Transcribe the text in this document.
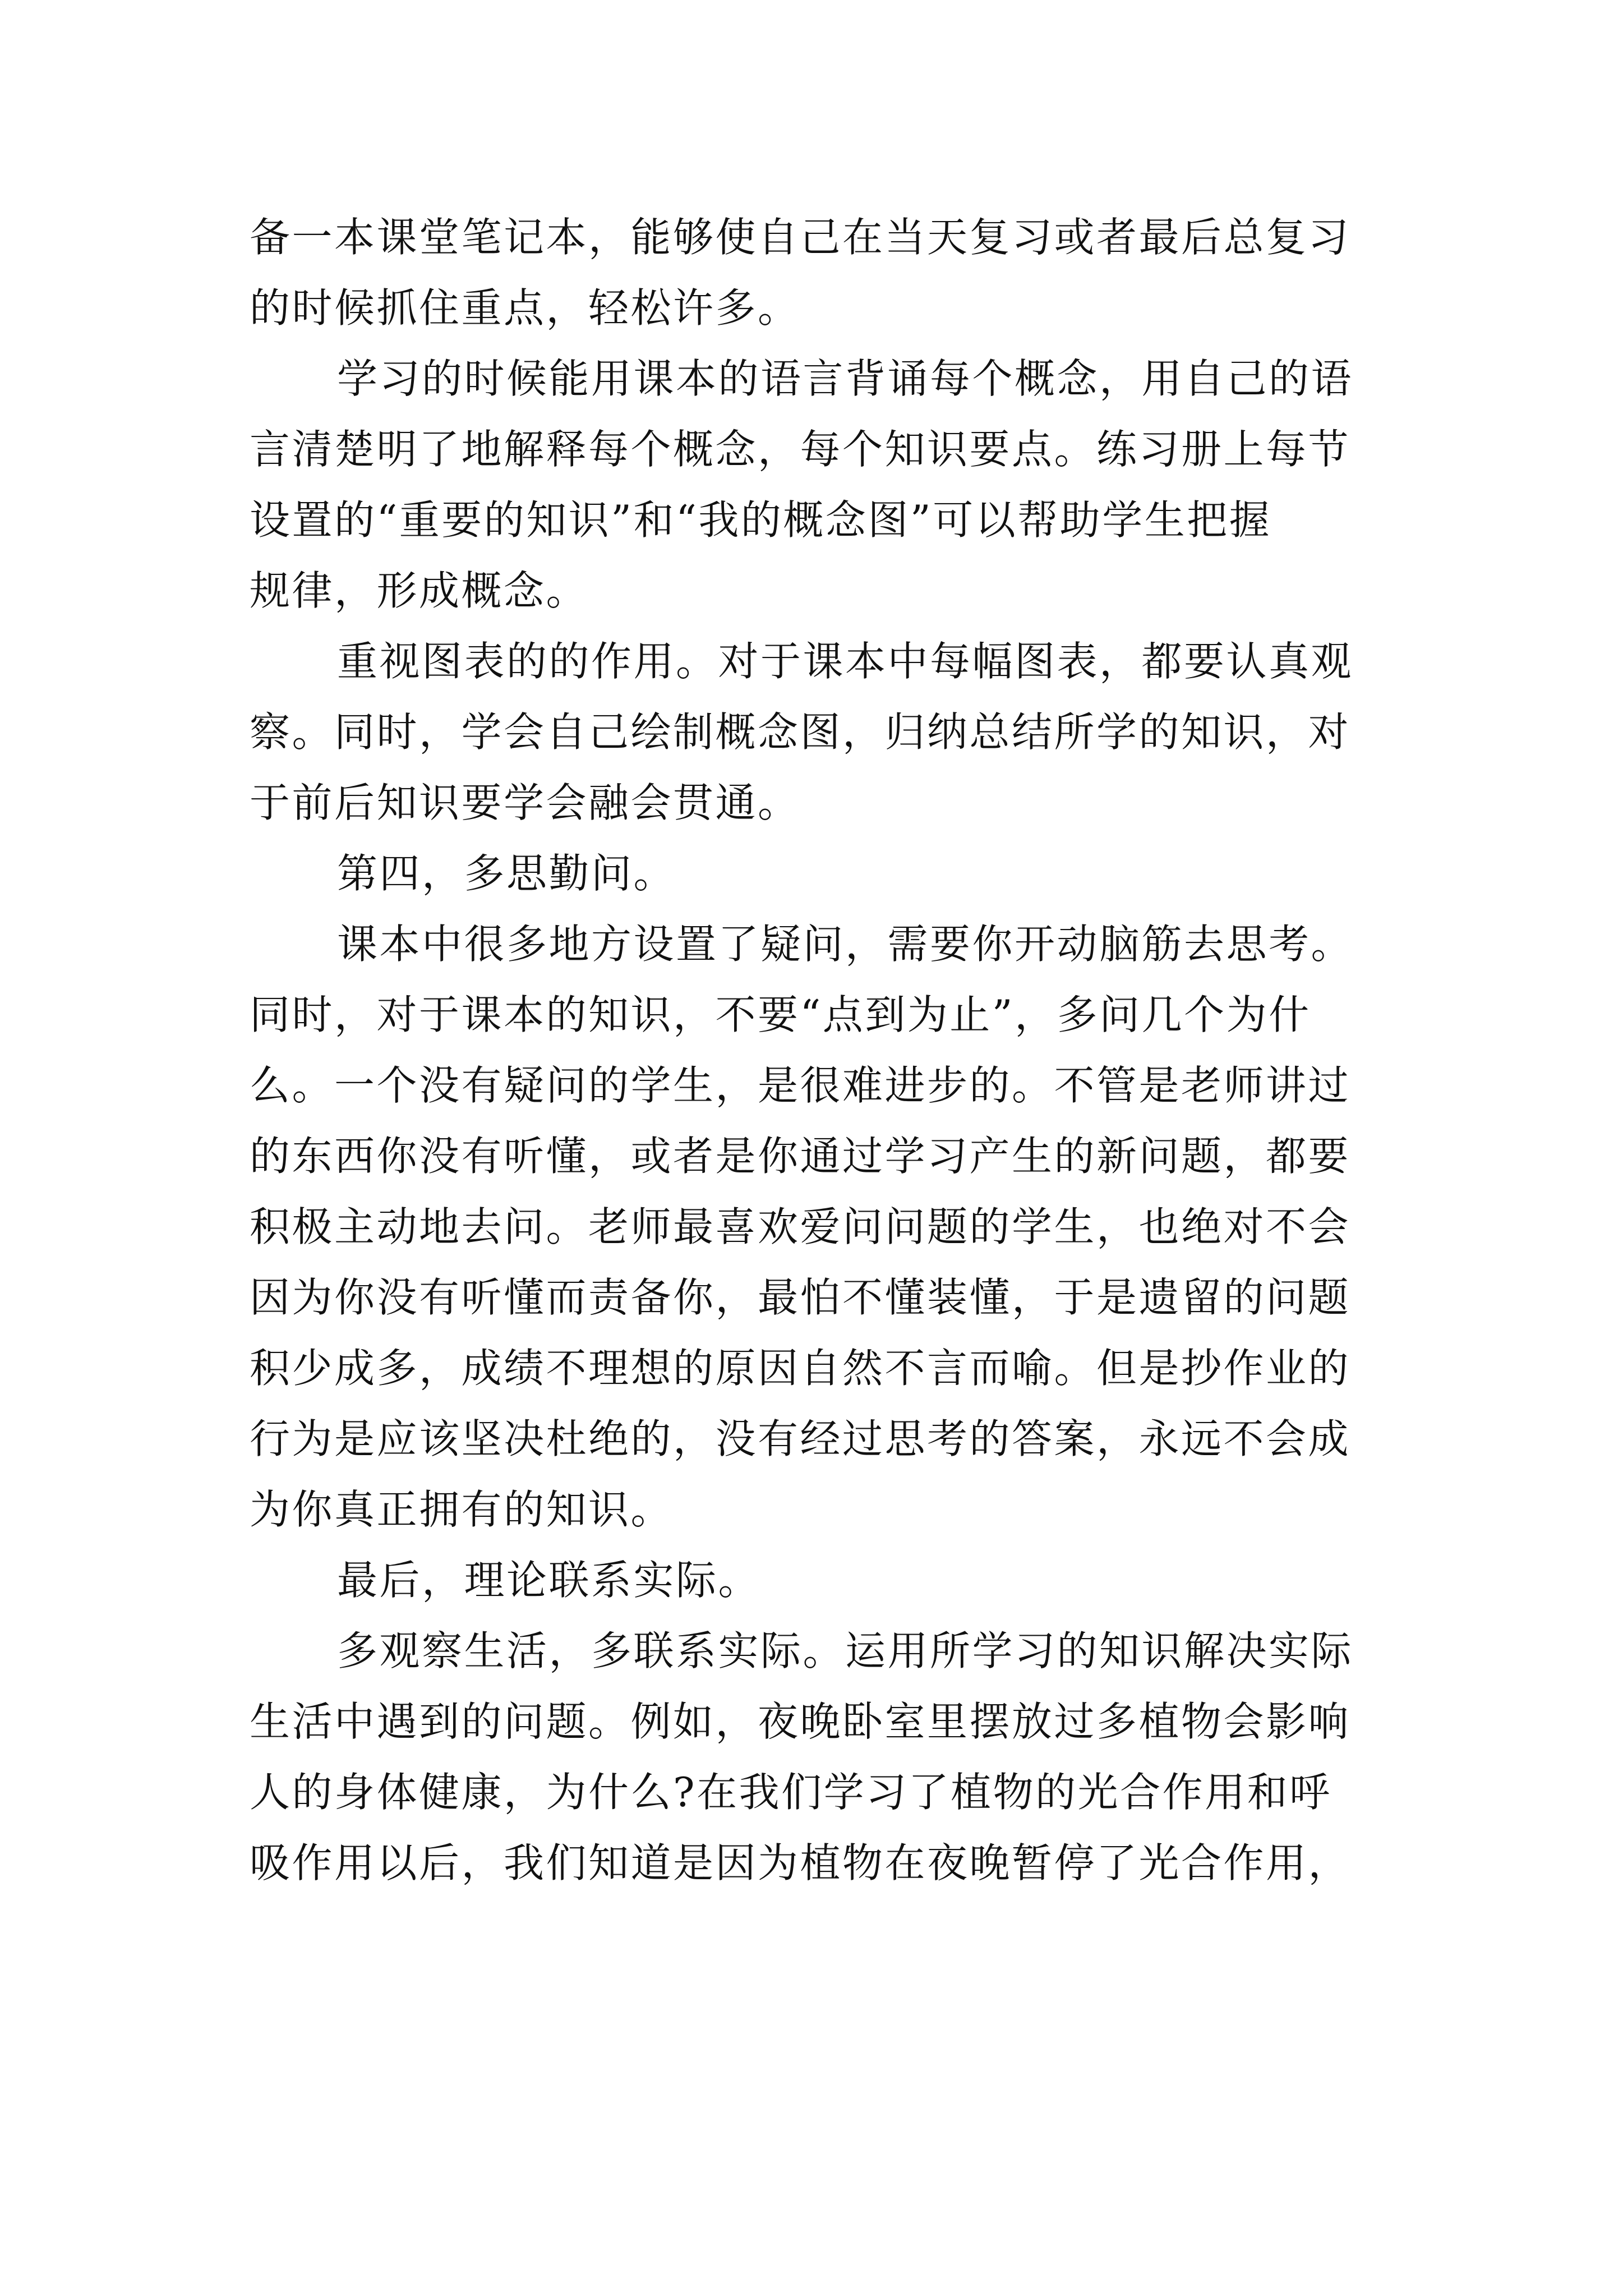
备一本课堂笔记本，能够使自己在当天复习或者最后总复习
的时候抓住重点，轻松许多。
学习的时候能用课本的语言背诵每个概念，用自己的语
言清楚明了地解释每个概念，每个知识要点。练习册上每节
设置的“重要的知识”和“我的概念图”可以帮助学生把握
规律，形成概念。
重视图表的的作用。对于课本中每幅图表，都要认真观
察。同时，学会自己绘制概念图，归纳总结所学的知识，对
于前后知识要学会融会贯通。
第四，多思勤问。
课本中很多地方设置了疑问，需要你开动脑筋去思考。
同时，对于课本的知识，不要“点到为止”，多问几个为什
么。一个没有疑问的学生，是很难进步的。不管是老师讲过
的东西你没有听懂，或者是你通过学习产生的新问题，都要
积极主动地去问。老师最喜欢爱问问题的学生，也绝对不会
因为你没有听懂而责备你，最怕不懂装懂，于是遗留的问题
积少成多，成绩不理想的原因自然不言而喻。但是抄作业的
行为是应该坚决杜绝的，没有经过思考的答案，永远不会成
为你真正拥有的知识。
最后，理论联系实际。
多观察生活，多联系实际。运用所学习的知识解决实际
生活中遇到的问题。例如，夜晚卧室里摆放过多植物会影响
人的身体健康，为什么?在我们学习了植物的光合作用和呼
吸作用以后，我们知道是因为植物在夜晚暂停了光合作用，
